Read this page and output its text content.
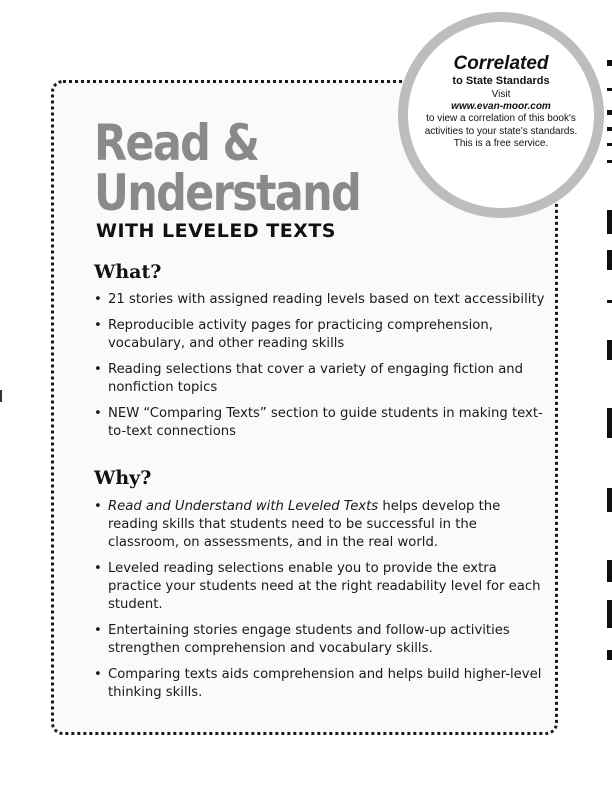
Read &
Understand
WITH LEVELED TEXTS
What?
• 21 stories with assigned reading levels based on text accessibility
• Reproducible activity pages for practicing comprehension, vocabulary, and other reading skills
• Reading selections that cover a variety of engaging fiction and nonfiction topics
• NEW “Comparing Texts” section to guide students in making text-to-text connections
Why?
• Read and Understand with Leveled Texts helps develop the reading skills that students need to be successful in the classroom, on assessments, and in the real world.
• Leveled reading selections enable you to provide the extra practice your students need at the right readability level for each student.
• Entertaining stories engage students and follow-up activities strengthen comprehension and vocabulary skills.
• Comparing texts aids comprehension and helps build higher-level thinking skills.
Correlated
to State Standards
Visit
www.evan-moor.com
to view a correlation of this book's activities to your state's standards. This is a free service.
